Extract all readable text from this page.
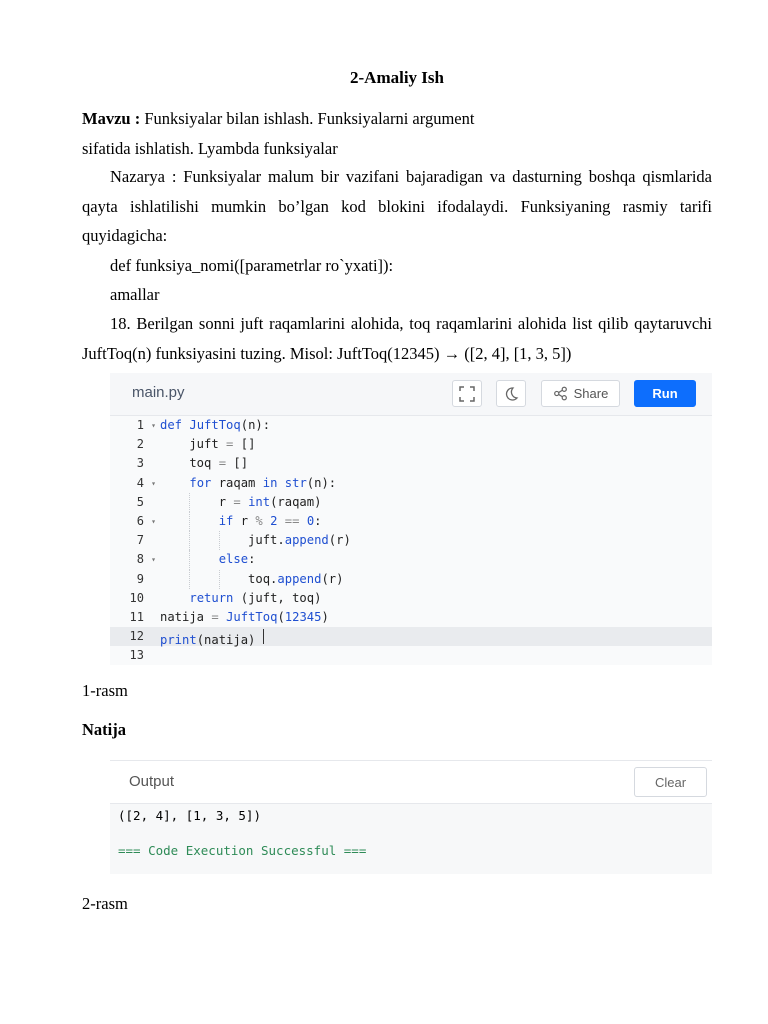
2-Amaliy Ish
Mavzu : Funksiyalar bilan ishlash. Funksiyalarni argument
sifatida ishlatish. Lyambda funksiyalar
Nazarya : Funksiyalar malum bir vazifani bajaradigan va dasturning boshqa qismlarida qayta ishlatilishi mumkin bo’lgan kod blokini ifodalaydi. Funksiyaning rasmiy tarifi quyidagicha:
def funksiya_nomi([parametrlar ro`yxati]):
amallar
18. Berilgan sonni juft raqamlarini alohida, toq raqamlarini alohida list qilib qaytaruvchi JuftToq(n) funksiyasini tuzing. Misol: JuftToq(12345) → ([2, 4], [1, 3, 5])
1-rasm
Natija
2-rasm
main.py	Share	Run
1 ▾ def JuftToq(n):
2	juft = []
3	toq = []
4 ▾	for raqam in str(n):
5	r = int(raqam)
6 ▾	if r % 2 == 0:
7	juft.append(r)
8 ▾	else:
9	toq.append(r)
10	return (juft, toq)
11	natija = JuftToq(12345)
12	print(natija)
13
Output	Clear
([2, 4], [1, 3, 5])
=== Code Execution Successful ===
